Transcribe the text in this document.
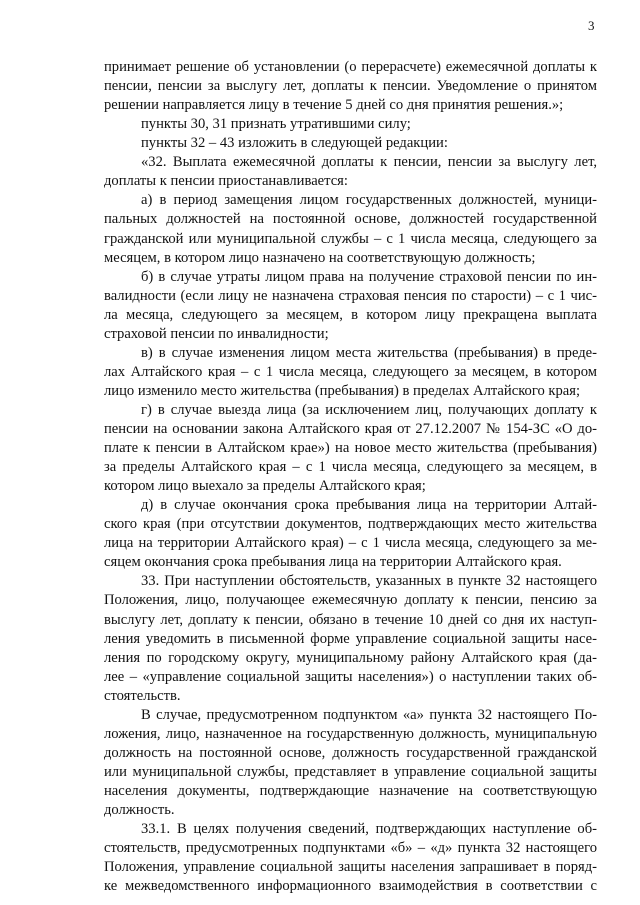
3
принимает решение об установлении (о перерасчете) ежемесячной доплаты к
пенсии, пенсии за выслугу лет, доплаты к пенсии. Уведомление о принятом
решении направляется лицу в течение 5 дней со дня принятия решения.»;
пункты 30, 31 признать утратившими силу;
пункты 32 – 43 изложить в следующей редакции:
«32. Выплата ежемесячной доплаты к пенсии, пенсии за выслугу лет,
доплаты к пенсии приостанавливается:
а) в период замещения лицом государственных должностей, муници-
пальных должностей на постоянной основе, должностей государственной
гражданской или муниципальной службы – с 1 числа месяца, следующего за
месяцем, в котором лицо назначено на соответствующую должность;
б) в случае утраты лицом права на получение страховой пенсии по ин-
валидности (если лицу не назначена страховая пенсия по старости) – с 1 чис-
ла месяца, следующего за месяцем, в котором лицу прекращена выплата
страховой пенсии по инвалидности;
в) в случае изменения лицом места жительства (пребывания) в преде-
лах Алтайского края – с 1 числа месяца, следующего за месяцем, в котором
лицо изменило место жительства (пребывания) в пределах Алтайского края;
г) в случае выезда лица (за исключением лиц, получающих доплату к
пенсии на основании закона Алтайского края от 27.12.2007 № 154-ЗС «О до-
плате к пенсии в Алтайском крае») на новое место жительства (пребывания)
за пределы Алтайского края – с 1 числа месяца, следующего за месяцем, в
котором лицо выехало за пределы Алтайского края;
д) в случае окончания срока пребывания лица на территории Алтай-
ского края (при отсутствии документов, подтверждающих место жительства
лица на территории Алтайского края) – с 1 числа месяца, следующего за ме-
сяцем окончания срока пребывания лица на территории Алтайского края.
33. При наступлении обстоятельств, указанных в пункте 32 настоящего
Положения, лицо, получающее ежемесячную доплату к пенсии, пенсию за
выслугу лет, доплату к пенсии, обязано в течение 10 дней со дня их наступ-
ления уведомить в письменной форме управление социальной защиты насе-
ления по городскому округу, муниципальному району Алтайского края (да-
лее – «управление социальной защиты населения») о наступлении таких об-
стоятельств.
В случае, предусмотренном подпунктом «а» пункта 32 настоящего По-
ложения, лицо, назначенное на государственную должность, муниципальную
должность на постоянной основе, должность государственной гражданской
или муниципальной службы, представляет в управление социальной защиты
населения документы, подтверждающие назначение на соответствующую
должность.
33.1. В целях получения сведений, подтверждающих наступление об-
стоятельств, предусмотренных подпунктами «б» – «д» пункта 32 настоящего
Положения, управление социальной защиты населения запрашивает в поряд-
ке межведомственного информационного взаимодействия в соответствии с
